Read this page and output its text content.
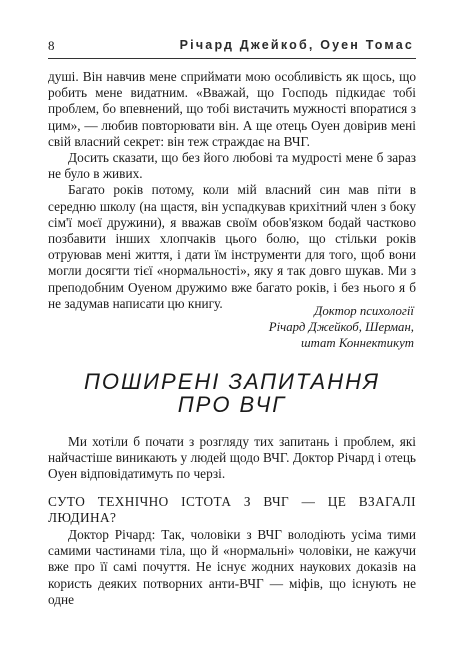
8	Річард Джейкоб, Оуен Томас

душі. Він навчив мене сприймати мою особливість як щось, що робить мене видатним. «Вважай, що Господь підкидає тобі проблем, бо впевнений, що тобі вистачить мужності впоратися з цим», — любив повторювати він. А ще отець Оуен довірив мені свій власний секрет: він теж страждає на ВЧГ.

Досить сказати, що без його любові та мудрості мене б зараз не було в живих.

Багато років потому, коли мій власний син мав піти в середню школу (на щастя, він успадкував крихітний член з боку сім'ї моєї дружини), я вважав своїм обов'язком бодай частково позбавити інших хлопчаків цього болю, що стільки років отруював мені життя, і дати їм інструменти для того, щоб вони могли досягти тієї «нормальності», яку я так довго шукав. Ми з преподобним Оуеном дружимо вже багато років, і без нього я б не задумав написати цю книгу.

Доктор психології
Річард Джейкоб, Шерман,
штат Коннектикут
ПОШИРЕНІ ЗАПИТАННЯ
ПРО ВЧГ

Ми хотіли б почати з розгляду тих запитань і проблем, які найчастіше виникають у людей щодо ВЧГ. Доктор Річард і отець Оуен відповідатимуть по черзі.

СУТО ТЕХНІЧНО ІСТОТА З ВЧГ — ЦЕ ВЗАГАЛІ ЛЮДИНА?

Доктор Річард: Так, чоловіки з ВЧГ володіють усіма тими самими частинами тіла, що й «нормальні» чоловіки, не кажучи вже про її самі почуття. Не існує жодних наукових доказів на користь деяких потворних анти-ВЧГ — міфів, що існують не одне
